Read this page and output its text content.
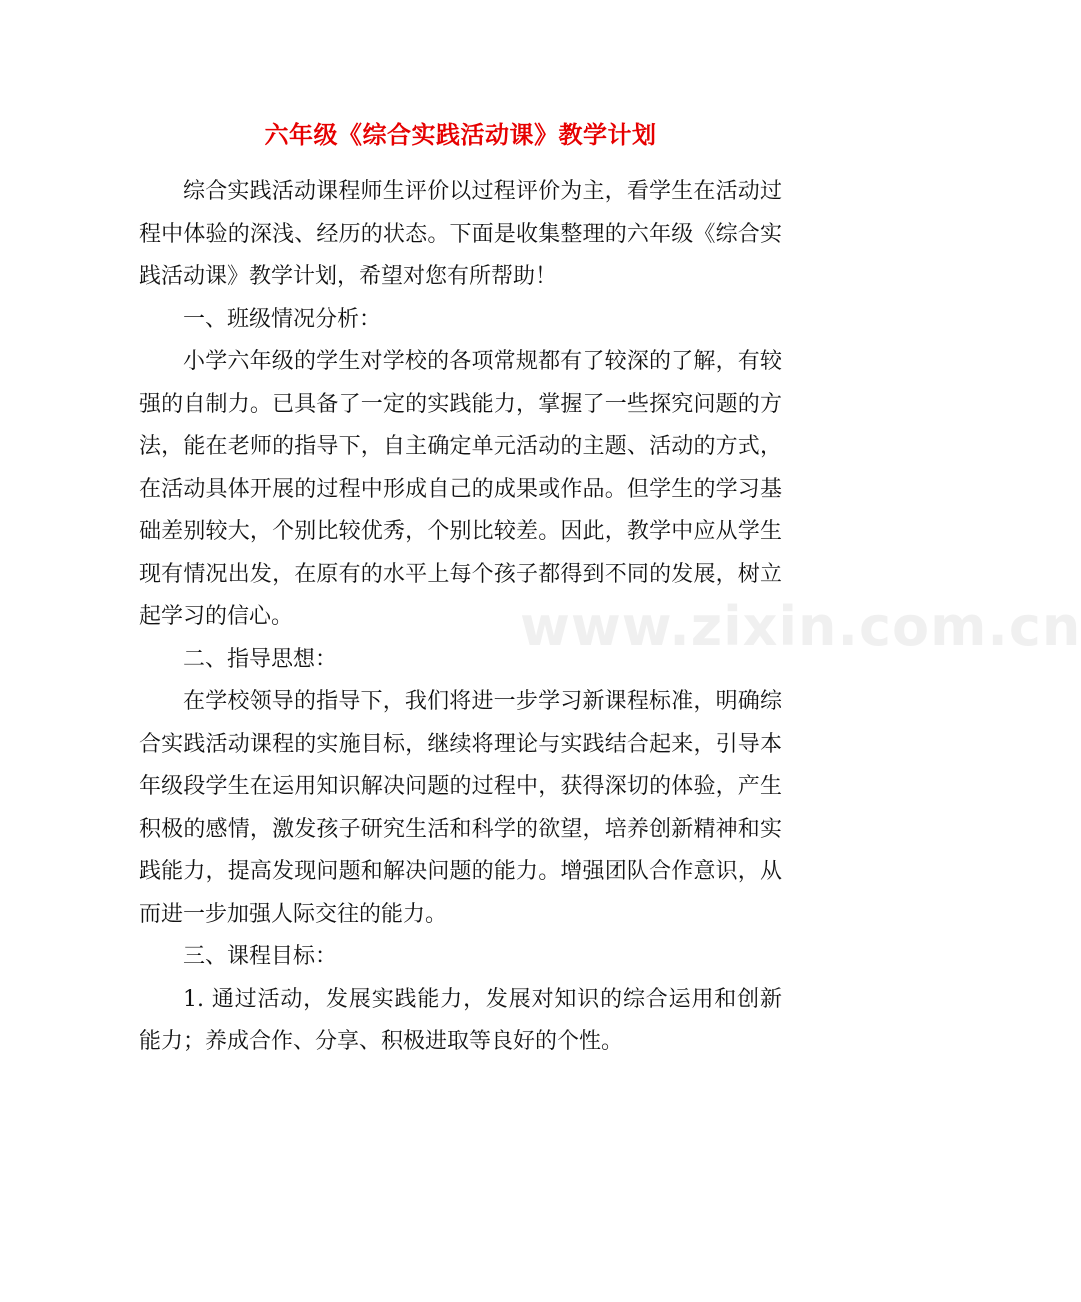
六年级《综合实践活动课》教学计划

综合实践活动课程师生评价以过程评价为主，看学生在活动过程中体验的深浅、经历的状态。下面是收集整理的六年级《综合实践活动课》教学计划，希望对您有所帮助！

一、班级情况分析：

小学六年级的学生对学校的各项常规都有了较深的了解，有较强的自制力。已具备了一定的实践能力，掌握了一些探究问题的方法，能在老师的指导下，自主确定单元活动的主题、活动的方式，在活动具体开展的过程中形成自己的成果或作品。但学生的学习基础差别较大，个别比较优秀，个别比较差。因此，教学中应从学生现有情况出发，在原有的水平上每个孩子都得到不同的发展，树立起学习的信心。

二、指导思想：

在学校领导的指导下，我们将进一步学习新课程标准，明确综合实践活动课程的实施目标，继续将理论与实践结合起来，引导本年级段学生在运用知识解决问题的过程中，获得深切的体验，产生积极的感情，激发孩子研究生活和科学的欲望，培养创新精神和实践能力，提高发现问题和解决问题的能力。增强团队合作意识，从而进一步加强人际交往的能力。

三、课程目标：

1. 通过活动，发展实践能力，发展对知识的综合运用和创新能力；养成合作、分享、积极进取等良好的个性。

www.zixin.com.cn
